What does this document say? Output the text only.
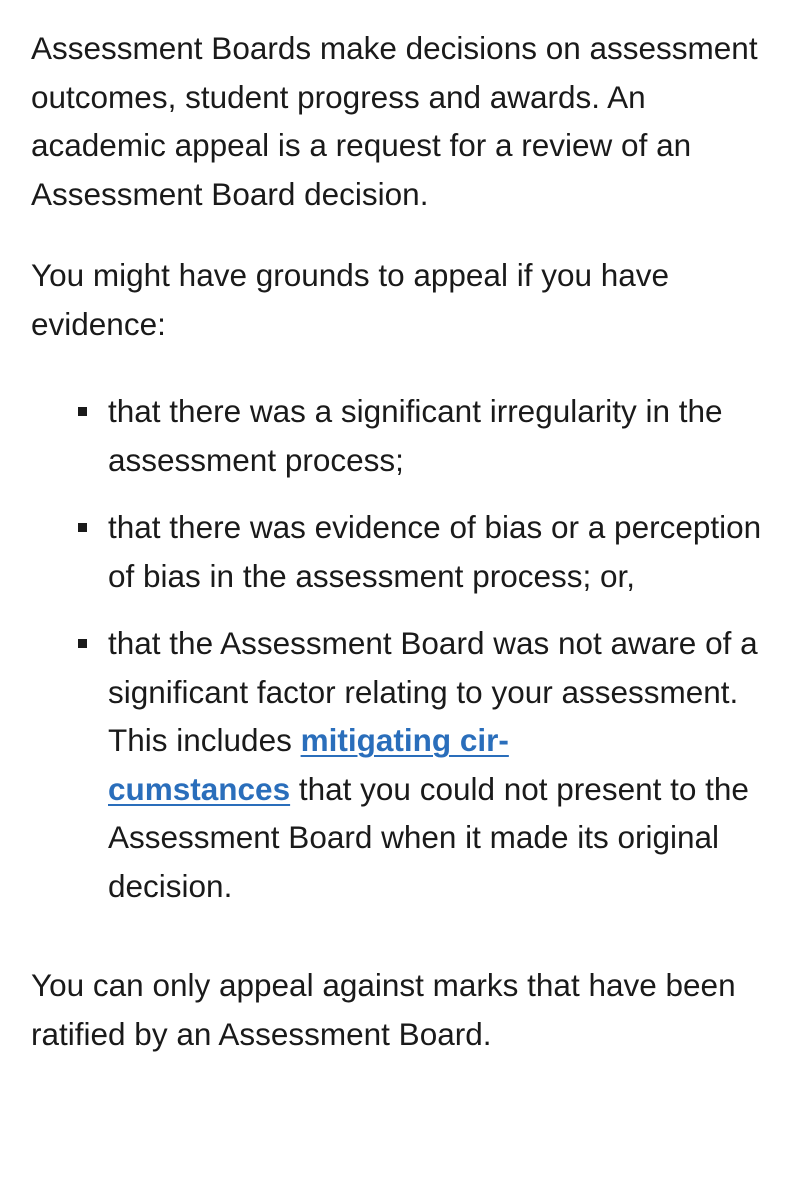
Assessment Boards make decisions on assessment outcomes, student progress and awards. An academic appeal is a request for a review of an Assessment Board decision.

You might have grounds to appeal if you have evidence:

that there was a significant irregularity in the assessment process;
that there was evidence of bias or a perception of bias in the assessment process; or,
that the Assessment Board was not aware of a significant factor relating to your assessment. This includes mitigating cir-
cumstances that you could not present to the Assessment Board when it made its original decision.

You can only appeal against marks that have been ratified by an Assessment Board.
